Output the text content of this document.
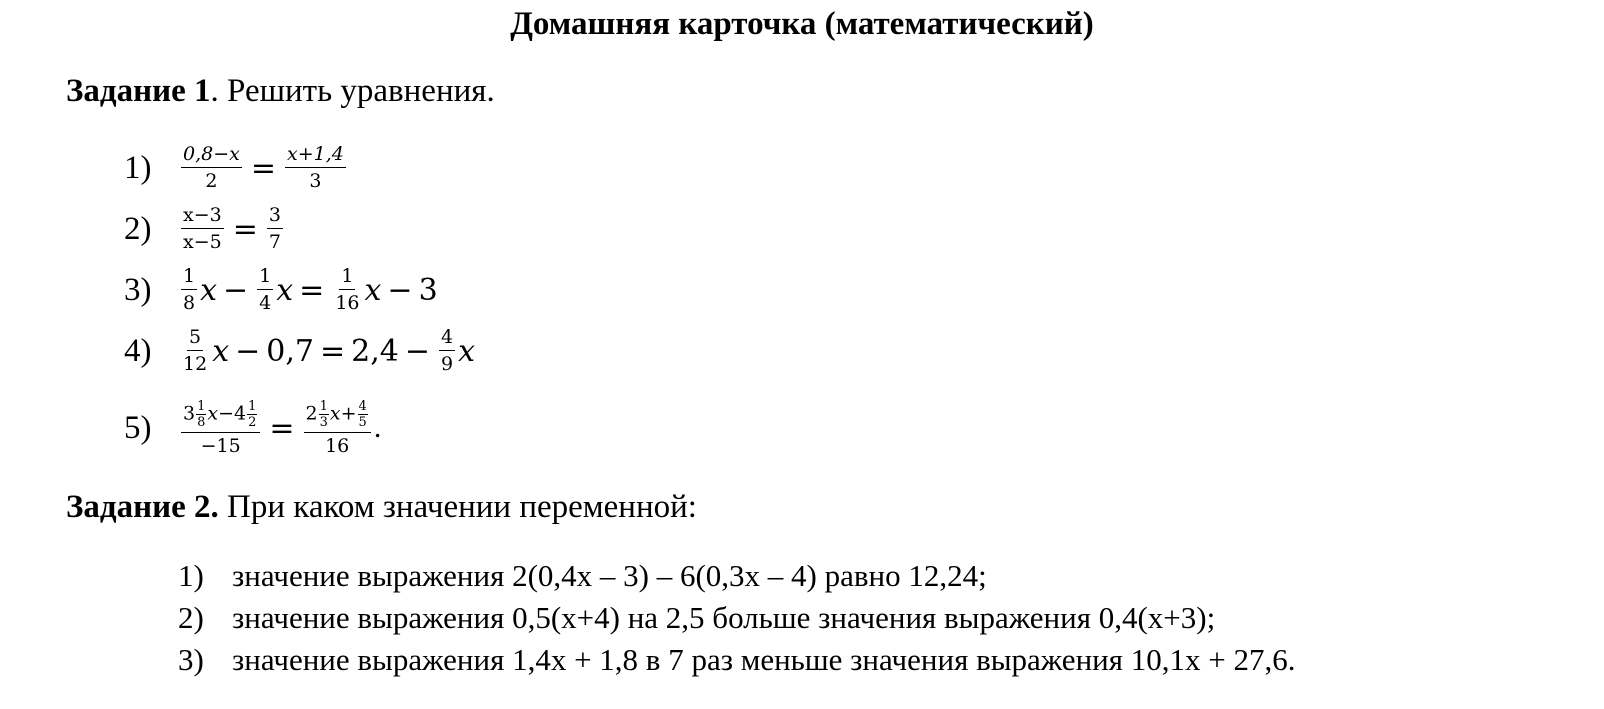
Домашняя карточка (математический)
Задание 1. Решить уравнения.
1)	$\frac{0,8-x}{2} = \frac{x+1,4}{3}$
2)	$\frac{x-3}{x-5} = \frac{3}{7}$
3)	$\frac{1}{8}$ $x - \frac{1}{4}$ $x = \frac{1}{16}$ x − 3
4)	$\frac{5}{12}$ $x - 0,7 = 2,4 - \frac{4}{9}$ x
5)	$\frac{3 \frac{1}{8} x-4 \frac{1}{2}}{-15} = \frac{2 \frac{1}{3} x+ \frac{4}{5}}{16}$ .
Задание 2. При каком значении переменной:
1) значение выражения 2(0,4х – 3) – 6(0,3х – 4) равно 12,24;
2) значение выражения 0,5(х+4) на 2,5 больше значения выражения 0,4(х+3);
3) значение выражения 1,4х + 1,8 в 7 раз меньше значения выражения 10,1х + 27,6.
